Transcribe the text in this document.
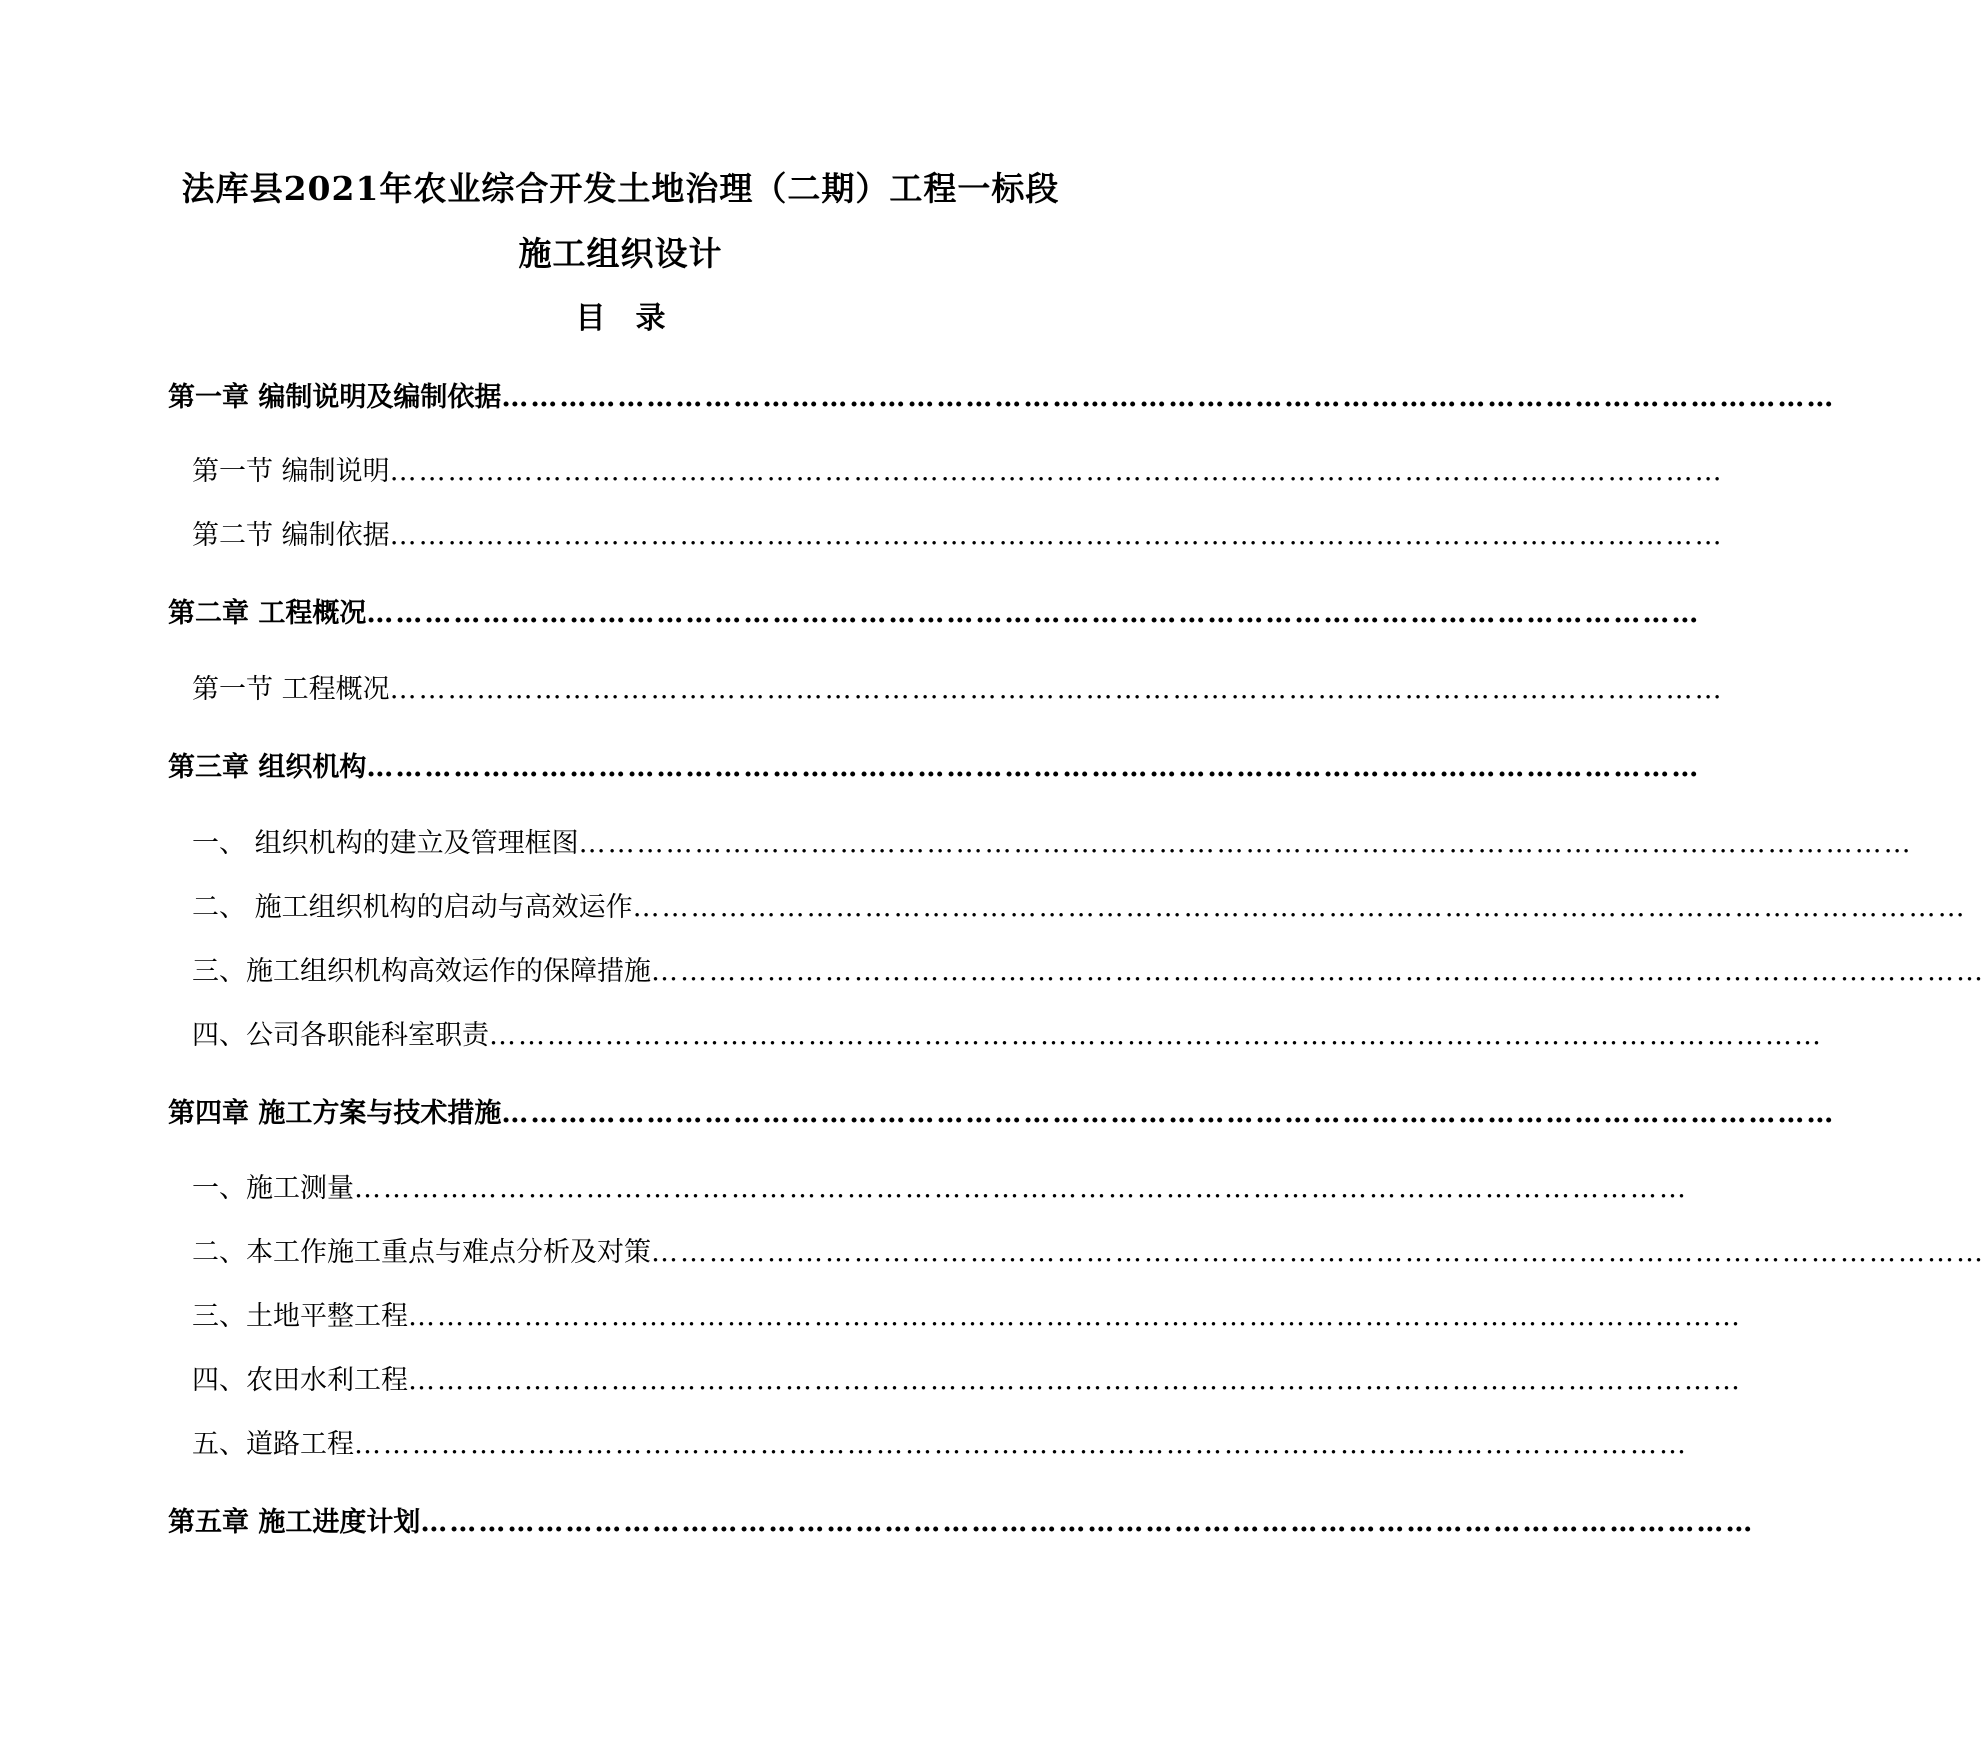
法库县2021年农业综合开发土地治理（二期）工程一标段
施工组织设计
目　录
第一章 编制说明及编制依据…………………………………………………………………………………………………………………………
第一节 编制说明…………………………………………………………………………………………………………………………
第二节 编制依据…………………………………………………………………………………………………………………………
第二章 工程概况…………………………………………………………………………………………………………………………
第一节 工程概况…………………………………………………………………………………………………………………………
第三章 组织机构…………………………………………………………………………………………………………………………
一、 组织机构的建立及管理框图…………………………………………………………………………………………………………………………
二、 施工组织机构的启动与高效运作…………………………………………………………………………………………………………………………
三、施工组织机构高效运作的保障措施…………………………………………………………………………………………………………………………
四、公司各职能科室职责…………………………………………………………………………………………………………………………
第四章 施工方案与技术措施…………………………………………………………………………………………………………………………
一、施工测量…………………………………………………………………………………………………………………………
二、本工作施工重点与难点分析及对策…………………………………………………………………………………………………………………………
三、土地平整工程…………………………………………………………………………………………………………………………
四、农田水利工程…………………………………………………………………………………………………………………………
五、道路工程…………………………………………………………………………………………………………………………
第五章 施工进度计划…………………………………………………………………………………………………………………………
